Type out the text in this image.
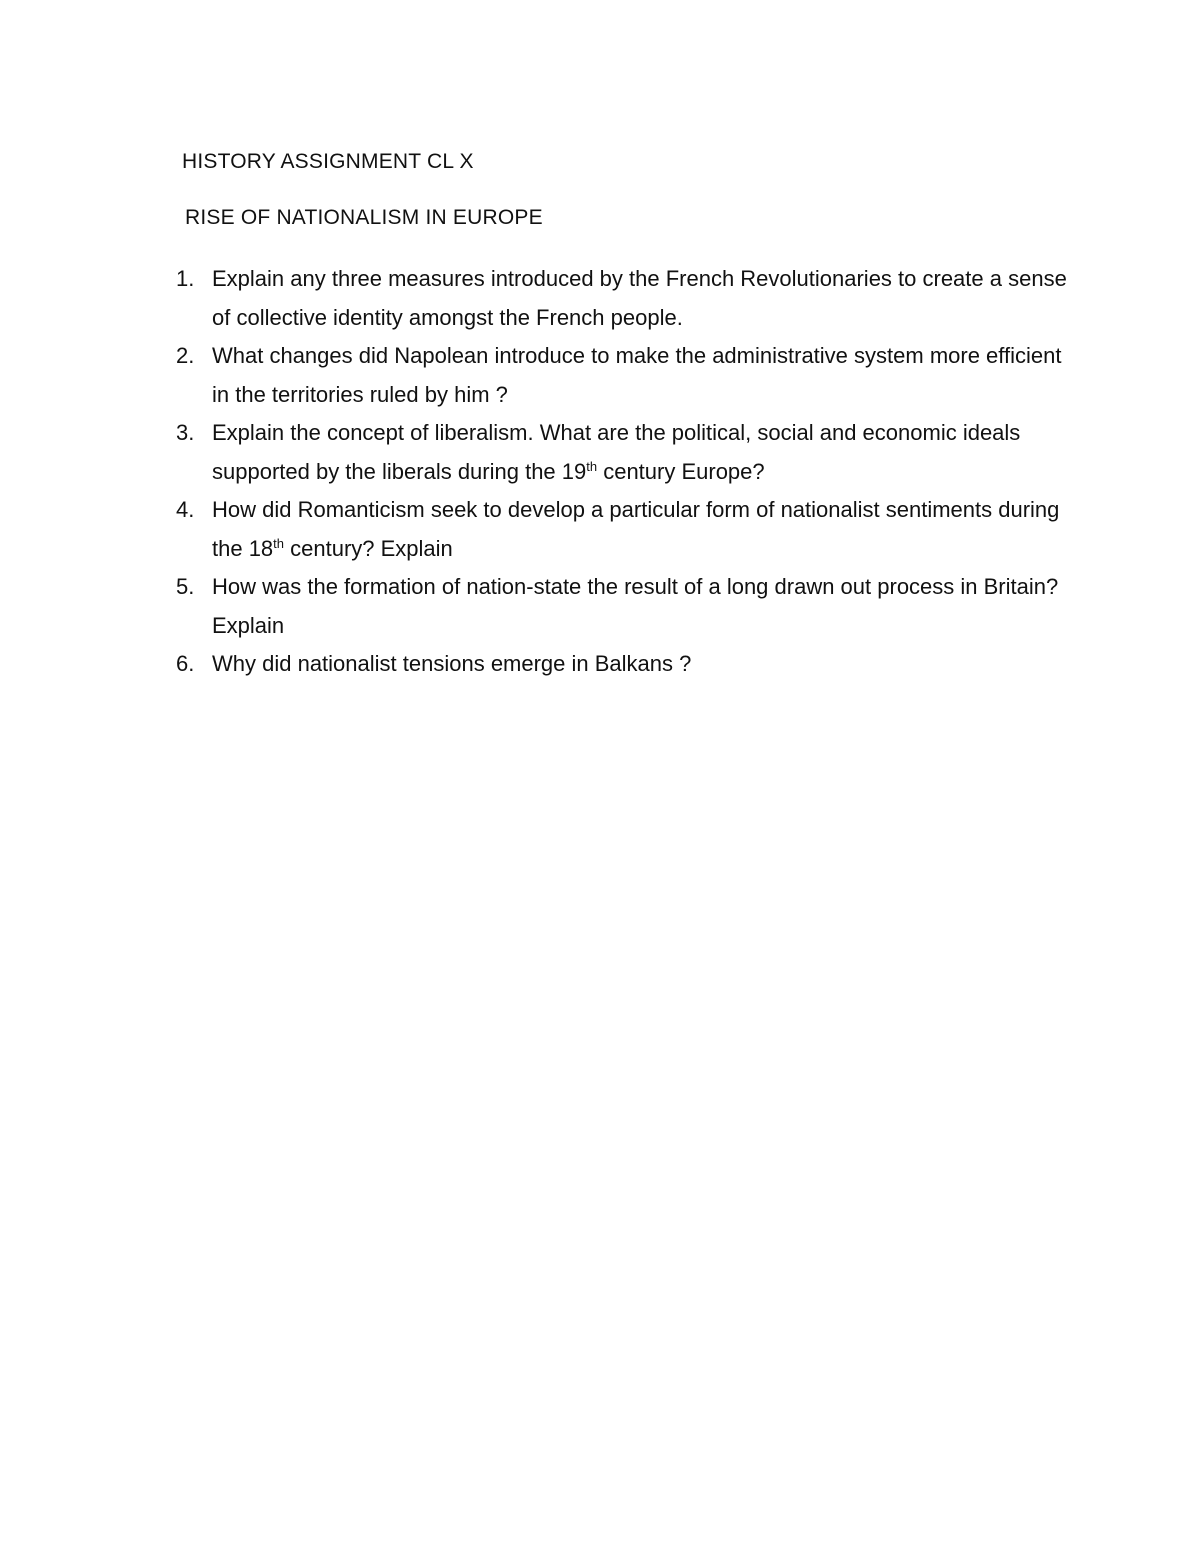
HISTORY ASSIGNMENT CL X
RISE OF NATIONALISM IN EUROPE
1. Explain any three measures introduced by the French Revolutionaries to create a sense of collective identity amongst the French people.
2. What changes did Napolean introduce to make the administrative system more efficient in the territories ruled by him ?
3. Explain the concept of liberalism. What are the political, social and economic ideals supported by the liberals during the 19th century Europe?
4. How did Romanticism seek to develop a particular form of nationalist sentiments during the 18th century? Explain
5. How was the formation of nation-state the result of a long drawn out process in Britain? Explain
6. Why did nationalist tensions emerge in Balkans ?
